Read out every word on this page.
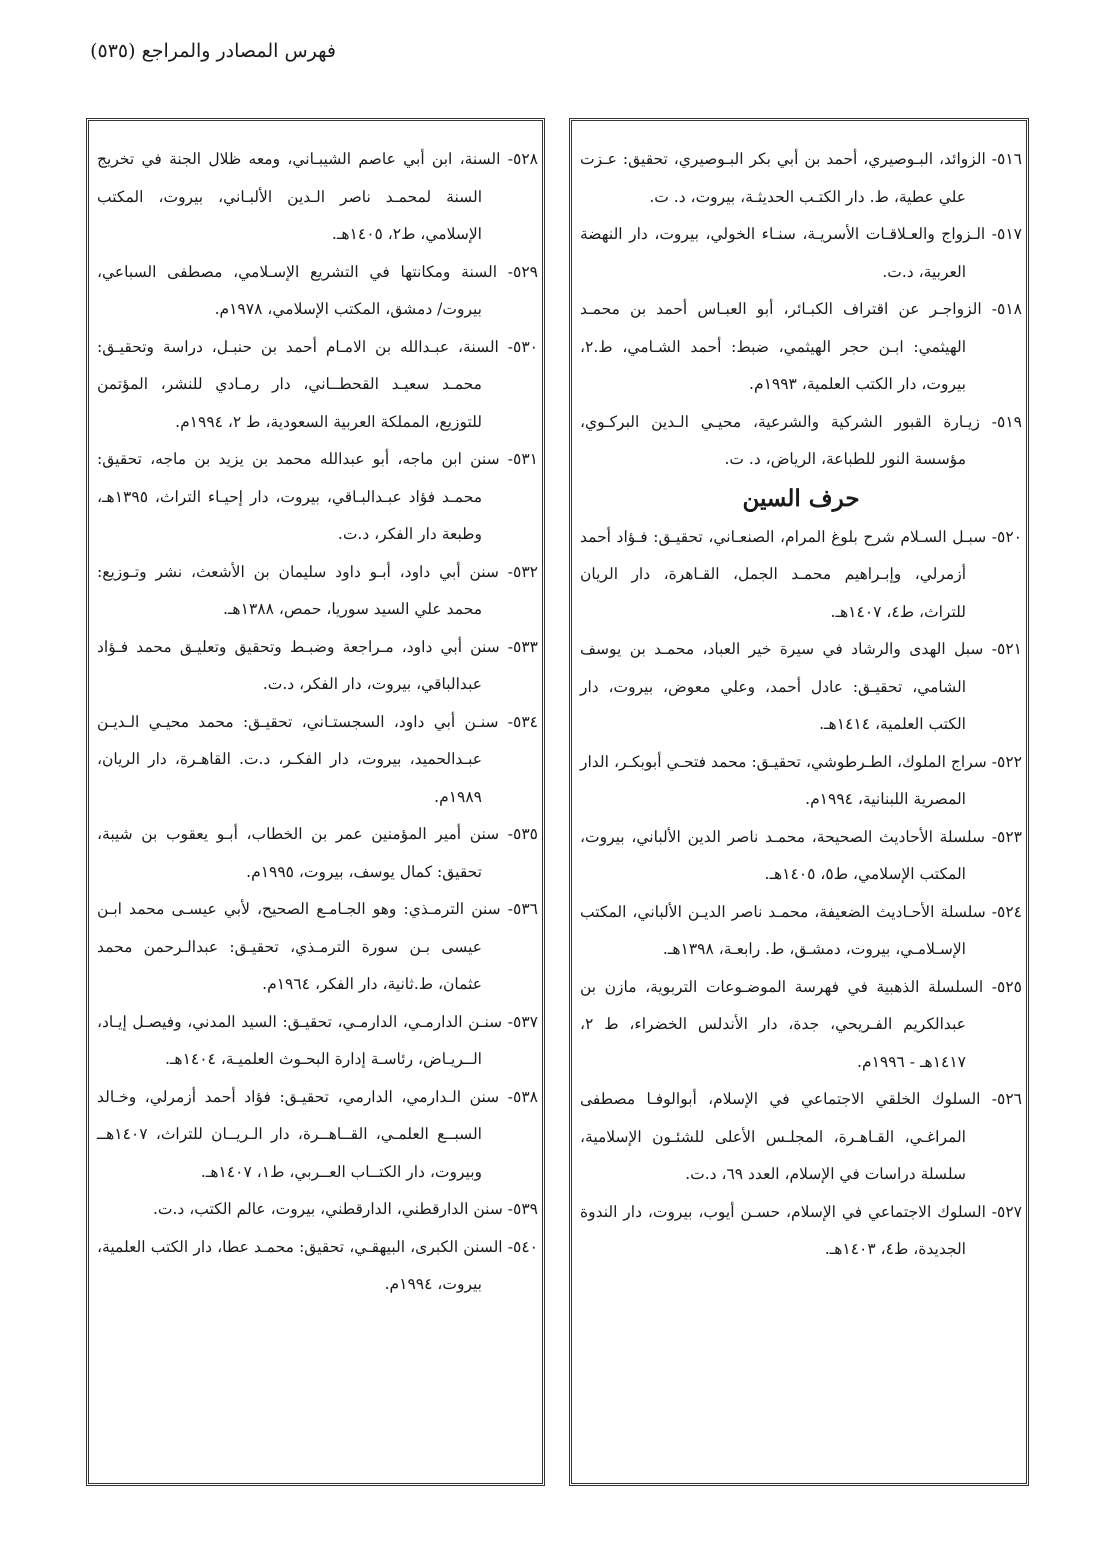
فهرس المصادر والمراجع (٥٣٥)

٥١٦- الزوائد، البـوصيري، أحمد بن أبي بكر البـوصيري، تحقيق: عـزت علي عطية، ط. دار الكتـب الحديثـة، بيروت، د. ت.

٥١٧- الـزواج والعـلاقـات الأسريـة، سنـاء الخولي، بيروت، دار النهضة العربية، د.ت.

٥١٨- الزواجـر عن اقتراف الكبـائر، أبو العبـاس أحمد بن محمـد الهيثمي: ابـن حجر الهيثمي، ضبط: أحمد الشـامي، ط.٢، بيروت، دار الكتب العلمية، ١٩٩٣م.

٥١٩- زيـارة القبور الشركية والشرعية، محيـي الـدين البركـوي، مؤسسة النور للطباعة، الرياض، د. ت.

حرف السين

٥٢٠- سبـل السـلام شرح بلوغ المرام، الصنعـاني، تحقيـق: فـؤاد أحمد أزمرلي، وإبـراهيم محمـد الجمل، القـاهرة، دار الريان للتراث، ط٤، ١٤٠٧هـ.

٥٢١- سبل الهدى والرشاد في سيرة خير العباد، محمـد بن يوسف الشامي، تحقيـق: عادل أحمد، وعلي معوض، بيروت، دار الكتب العلمية، ١٤١٤هـ.

٥٢٢- سراج الملوك، الطـرطوشي، تحقيـق: محمد فتحـي أبوبكـر، الدار المصرية اللبنانية، ١٩٩٤م.

٥٢٣- سلسلة الأحاديث الصحيحة، محمـد ناصر الدين الألباني، بيروت، المكتب الإسلامي، ط٥، ١٤٠٥هـ.

٥٢٤- سلسلة الأحـاديث الضعيفة، محمـد ناصر الديـن الألباني، المكتب الإسـلامـي، بيروت، دمشـق، ط. رابعـة، ١٣٩٨هـ.

٥٢٥- السلسلة الذهبية في فهرسة الموضـوعات التربوية، مازن بن عبدالكريم الفـريحي، جدة، دار الأندلس الخضراء، ط ٢، ١٤١٧هـ - ١٩٩٦م.

٥٢٦- السلوك الخلقي الاجتماعي في الإسلام، أبوالوفـا مصطفى المراغـي، القـاهـرة، المجلـس الأعلى للشئـون الإسلامية، سلسلة دراسات في الإسلام، العدد ٦٩، د.ت.

٥٢٧- السلوك الاجتماعي في الإسلام، حسـن أيوب، بيروت، دار الندوة الجديدة، ط٤، ١٤٠٣هـ.

٥٢٨- السنة، ابن أبي عاصم الشيبـاني، ومعه ظلال الجنة في تخريج السنة لمحمـد ناصر الـدين الألبـاني، بيروت، المكتب الإسلامي، ط٢، ١٤٠٥هـ.

٥٢٩- السنة ومكانتها في التشريع الإسـلامي، مصطفى السباعي، بيروت/ دمشق، المكتب الإسلامي، ١٩٧٨م.

٥٣٠- السنة، عبـدالله بن الامـام أحمد بن حنبـل، دراسة وتحقيـق: محمـد سعيـد القحطــاني، دار رمـادي للنشر، المؤتمن للتوزيع، المملكة العربية السعودية، ط ٢، ١٩٩٤م.

٥٣١- سنن ابن ماجه، أبو عبدالله محمد بن يزيد بن ماجه، تحقيق: محمـد فؤاد عبـدالبـاقي، بيروت، دار إحيـاء التراث، ١٣٩٥هـ، وطبعة دار الفكر، د.ت.

٥٣٢- سنن أبي داود، أبـو داود سليمان بن الأشعث، نشر وتـوزيع: محمد علي السيد سوريا، حمص، ١٣٨٨هـ.

٥٣٣- سنن أبي داود، مـراجعة وضبـط وتحقيق وتعليـق محمد فـؤاد عبدالباقي، بيروت، دار الفكر، د.ت.

٥٣٤- سنـن أبي داود، السجستـاني، تحقيـق: محمد محيـي الـديـن عبـدالحميد، بيروت، دار الفكـر، د.ت. القاهـرة، دار الريان، ١٩٨٩م.

٥٣٥- سنن أمير المؤمنين عمر بن الخطاب، أبـو يعقوب بن شيبة، تحقيق: كمال يوسف، بيروت، ١٩٩٥م.

٥٣٦- سنن الترمـذي: وهو الجـامـع الصحيح، لأبي عيسـى محمد ابـن عيسى بـن سورة الترمـذي، تحقيـق: عبدالـرحمن محمد عثمان، ط.ثانية، دار الفكر، ١٩٦٤م.

٥٣٧- سنـن الدارمـي، الدارمـي، تحقيـق: السيد المدني، وفيصـل إيـاد، الــريـاض، رئاسـة إدارة البحـوث العلميـة، ١٤٠٤هـ.

٥٣٨- سنن الـدارمي، الدارمي، تحقيـق: فؤاد أحمد أزمرلي، وخـالد السبــع العلمـي، القــاهــرة، دار الـريــان للتراث، ١٤٠٧هــ وبيروت، دار الكتــاب العــربي، ط١، ١٤٠٧هـ.

٥٣٩- سنن الدارقطني، الدارقطني، بيروت، عالم الكتب، د.ت.

٥٤٠- السنن الكبرى، البيهقـي، تحقيق: محمـد عطا، دار الكتب العلمية، بيروت، ١٩٩٤م.
